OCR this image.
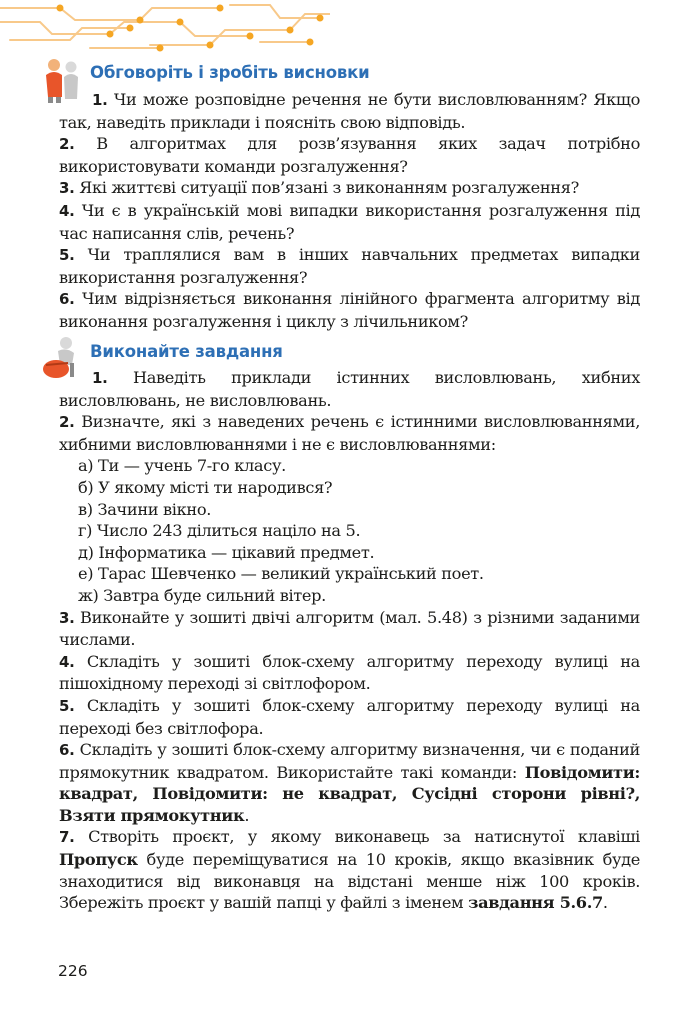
Обговоріть і зробіть висновки

1. Чи може розповідне речення не бути висловлюванням? Якщо так, наведіть приклади і поясніть свою відповідь.

2. В алгоритмах для розв’язування яких задач потрібно використовувати команди розгалуження?

3. Які життєві ситуації пов’язані з виконанням розгалуження?

4. Чи є в українській мові випадки використання розгалуження під час написання слів, речень?

5. Чи траплялися вам в інших навчальних предметах випадки використання розгалуження?

6. Чим відрізняється виконання лінійного фрагмента алгоритму від виконання розгалуження і циклу з лічильником?

Виконайте завдання

1. Наведіть приклади істинних висловлювань, хибних висловлювань, не висловлювань.

2. Визначте, які з наведених речень є істинними висловлюваннями, хибними висловлюваннями і не є висловлюваннями:

а) Ти — учень 7-го класу.

б) У якому місті ти народився?

в) Зачини вікно.

г) Число 243 ділиться націло на 5.

д) Інформатика — цікавий предмет.

е) Тарас Шевченко — великий український поет.

ж) Завтра буде сильний вітер.

3. Виконайте у зошиті двічі алгоритм (мал. 5.48) з різними заданими числами.

4. Складіть у зошиті блок-схему алгоритму переходу вулиці на пішохідному переході зі світлофором.

5. Складіть у зошиті блок-схему алгоритму переходу вулиці на переході без світлофора.

6. Складіть у зошиті блок-схему алгоритму визначення, чи є поданий прямокутник квадратом. Використайте такі команди: Повідомити: квадрат, Повідомити: не квадрат, Сусідні сторони рівні?, Взяти прямокутник.

7. Створіть проєкт, у якому виконавець за натиснутої клавіші Пропуск буде переміщуватися на 10 кроків, якщо вказівник буде знаходитися від виконавця на відстані менше ніж 100 кроків. Збережіть проєкт у вашій папці у файлі з іменем завдання 5.6.7.

226
